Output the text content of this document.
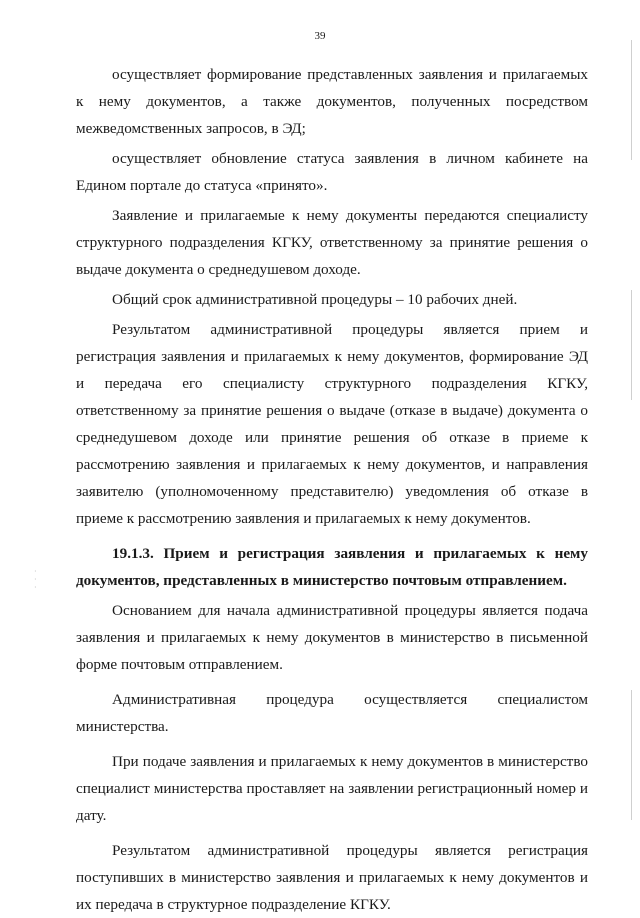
39

осуществляет формирование представленных заявления и прилагаемых к нему документов, а также документов, полученных посредством межведомственных запросов, в ЭД;

осуществляет обновление статуса заявления в личном кабинете на Едином портале до статуса «принято».

Заявление и прилагаемые к нему документы передаются специалисту структурного подразделения КГКУ, ответственному за принятие решения о выдаче документа о среднедушевом доходе.

Общий срок административной процедуры – 10 рабочих дней.

Результатом административной процедуры является прием и регистрация заявления и прилагаемых к нему документов, формирование ЭД и передача его специалисту структурного подразделения КГКУ, ответственному за принятие решения о выдаче (отказе в выдаче) документа о среднедушевом доходе или принятие решения об отказе в приеме к рассмотрению заявления и прилагаемых к нему документов, и направления заявителю (уполномоченному представителю) уведомления об отказе в приеме к рассмотрению заявления и прилагаемых к нему документов.

19.1.3. Прием и регистрация заявления и прилагаемых к нему документов, представленных в министерство почтовым отправлением.

Основанием для начала административной процедуры является подача заявления и прилагаемых к нему документов в министерство в письменной форме почтовым отправлением.

Административная процедура осуществляется специалистом министерства.

При подаче заявления и прилагаемых к нему документов в министерство специалист министерства проставляет на заявлении регистрационный номер и дату.

Результатом административной процедуры является регистрация поступивших в министерство заявления и прилагаемых к нему документов и их передача в структурное подразделение КГКУ.

·
·
·
